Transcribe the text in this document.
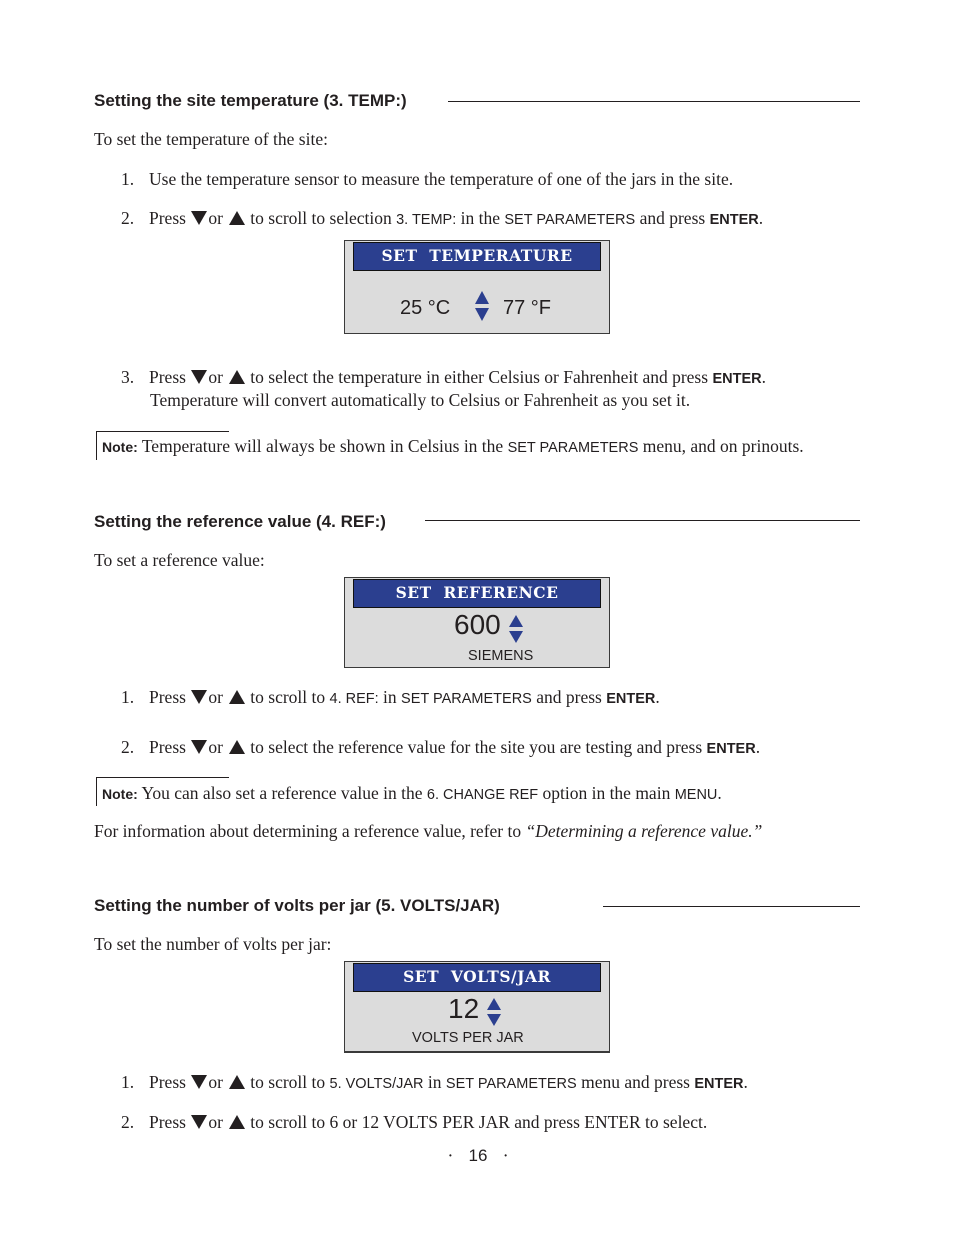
Setting the site temperature (3. TEMP:)
To set the temperature of the site:
1. Use the temperature sensor to measure the temperature of one of the jars in the site.
2. Press or to scroll to selection 3. TEMP: in the SET PARAMETERS and press ENTER.
SET  TEMPERATURE
25 °C	77 °F
3. Press or to select the temperature in either Celsius or Fahrenheit and press ENTER.
Temperature will convert automatically to Celsius or Fahrenheit as you set it.
Note: Temperature will always be shown in Celsius in the SET PARAMETERS menu, and on prinouts.
Setting the reference value (4. REF:)
To set a reference value:
SET  REFERENCE
600
SIEMENS
1. Press or to scroll to 4. REF: in SET PARAMETERS and press ENTER.
2. Press or to select the reference value for the site you are testing and press ENTER.
Note: You can also set a reference value in the 6. CHANGE REF option in the main MENU.
For information about determining a reference value, refer to “Determining a reference value.”
Setting the number of volts per jar (5. VOLTS/JAR)
To set the number of volts per jar:
SET  VOLTS/JAR
12
VOLTS PER JAR
1. Press or to scroll to 5. VOLTS/JAR in SET PARAMETERS menu and press ENTER.
2. Press or to scroll to 6 or 12 VOLTS PER JAR and press ENTER to select.
• 16 •
